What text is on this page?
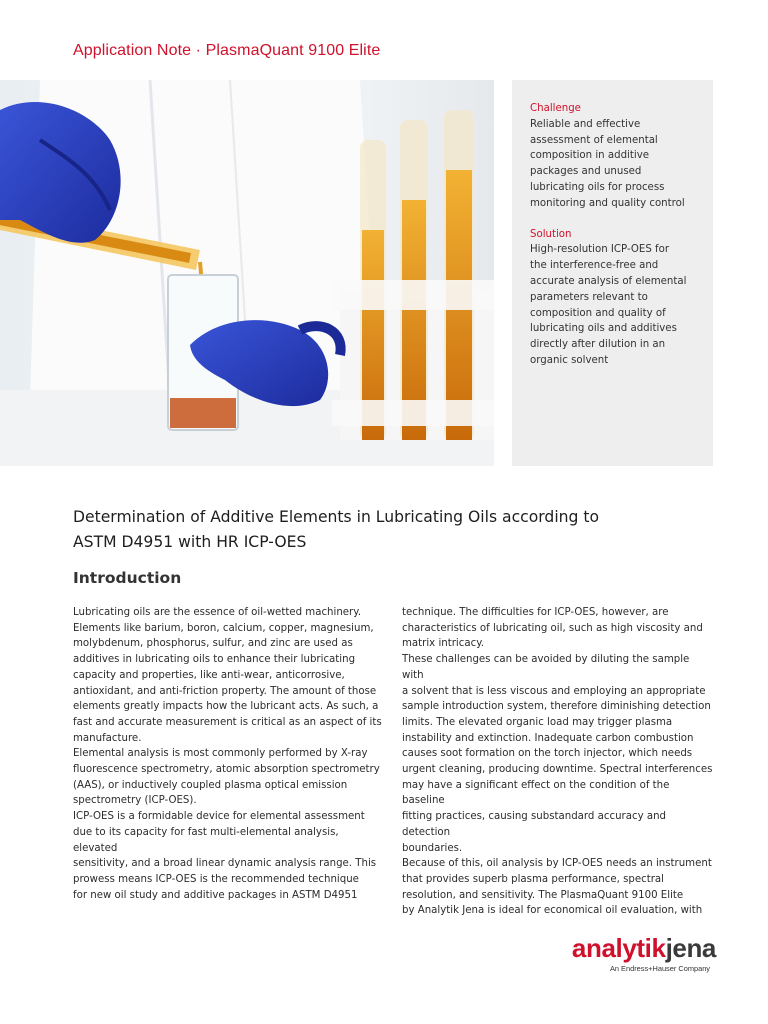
Application Note · PlasmaQuant 9100 Elite
Challenge
Reliable and effective
assessment of elemental
composition in additive
packages and unused
lubricating oils for process
monitoring and quality control
Solution
High-resolution ICP-OES for
the interference-free and
accurate analysis of elemental
parameters relevant to
composition and quality of
lubricating oils and additives
directly after dilution in an
organic solvent
Determination of Additive Elements in Lubricating Oils according to
ASTM D4951 with HR ICP-OES
Introduction
Lubricating oils are the essence of oil-wetted machinery.
Elements like barium, boron, calcium, copper, magnesium,
molybdenum, phosphorus, sulfur, and zinc are used as
additives in lubricating oils to enhance their lubricating
capacity and properties, like anti-wear, anticorrosive,
antioxidant, and anti-friction property. The amount of those
elements greatly impacts how the lubricant acts. As such, a
fast and accurate measurement is critical as an aspect of its
manufacture.
Elemental analysis is most commonly performed by X-ray
fluorescence spectrometry, atomic absorption spectrometry
(AAS), or inductively coupled plasma optical emission
spectrometry (ICP-OES).
ICP-OES is a formidable device for elemental assessment
due to its capacity for fast multi-elemental analysis, elevated
sensitivity, and a broad linear dynamic analysis range. This
prowess means ICP-OES is the recommended technique
for new oil study and additive packages in ASTM D4951
technique. The difficulties for ICP-OES, however, are
characteristics of lubricating oil, such as high viscosity and
matrix intricacy.
These challenges can be avoided by diluting the sample with
a solvent that is less viscous and employing an appropriate
sample introduction system, therefore diminishing detection
limits. The elevated organic load may trigger plasma
instability and extinction. Inadequate carbon combustion
causes soot formation on the torch injector, which needs
urgent cleaning, producing downtime. Spectral interferences
may have a significant effect on the condition of the baseline
fitting practices, causing substandard accuracy and detection
boundaries.
Because of this, oil analysis by ICP-OES needs an instrument
that provides superb plasma performance, spectral
resolution, and sensitivity. The PlasmaQuant 9100 Elite
by Analytik Jena is ideal for economical oil evaluation, with
analytikjena
An Endress+Hauser Company
